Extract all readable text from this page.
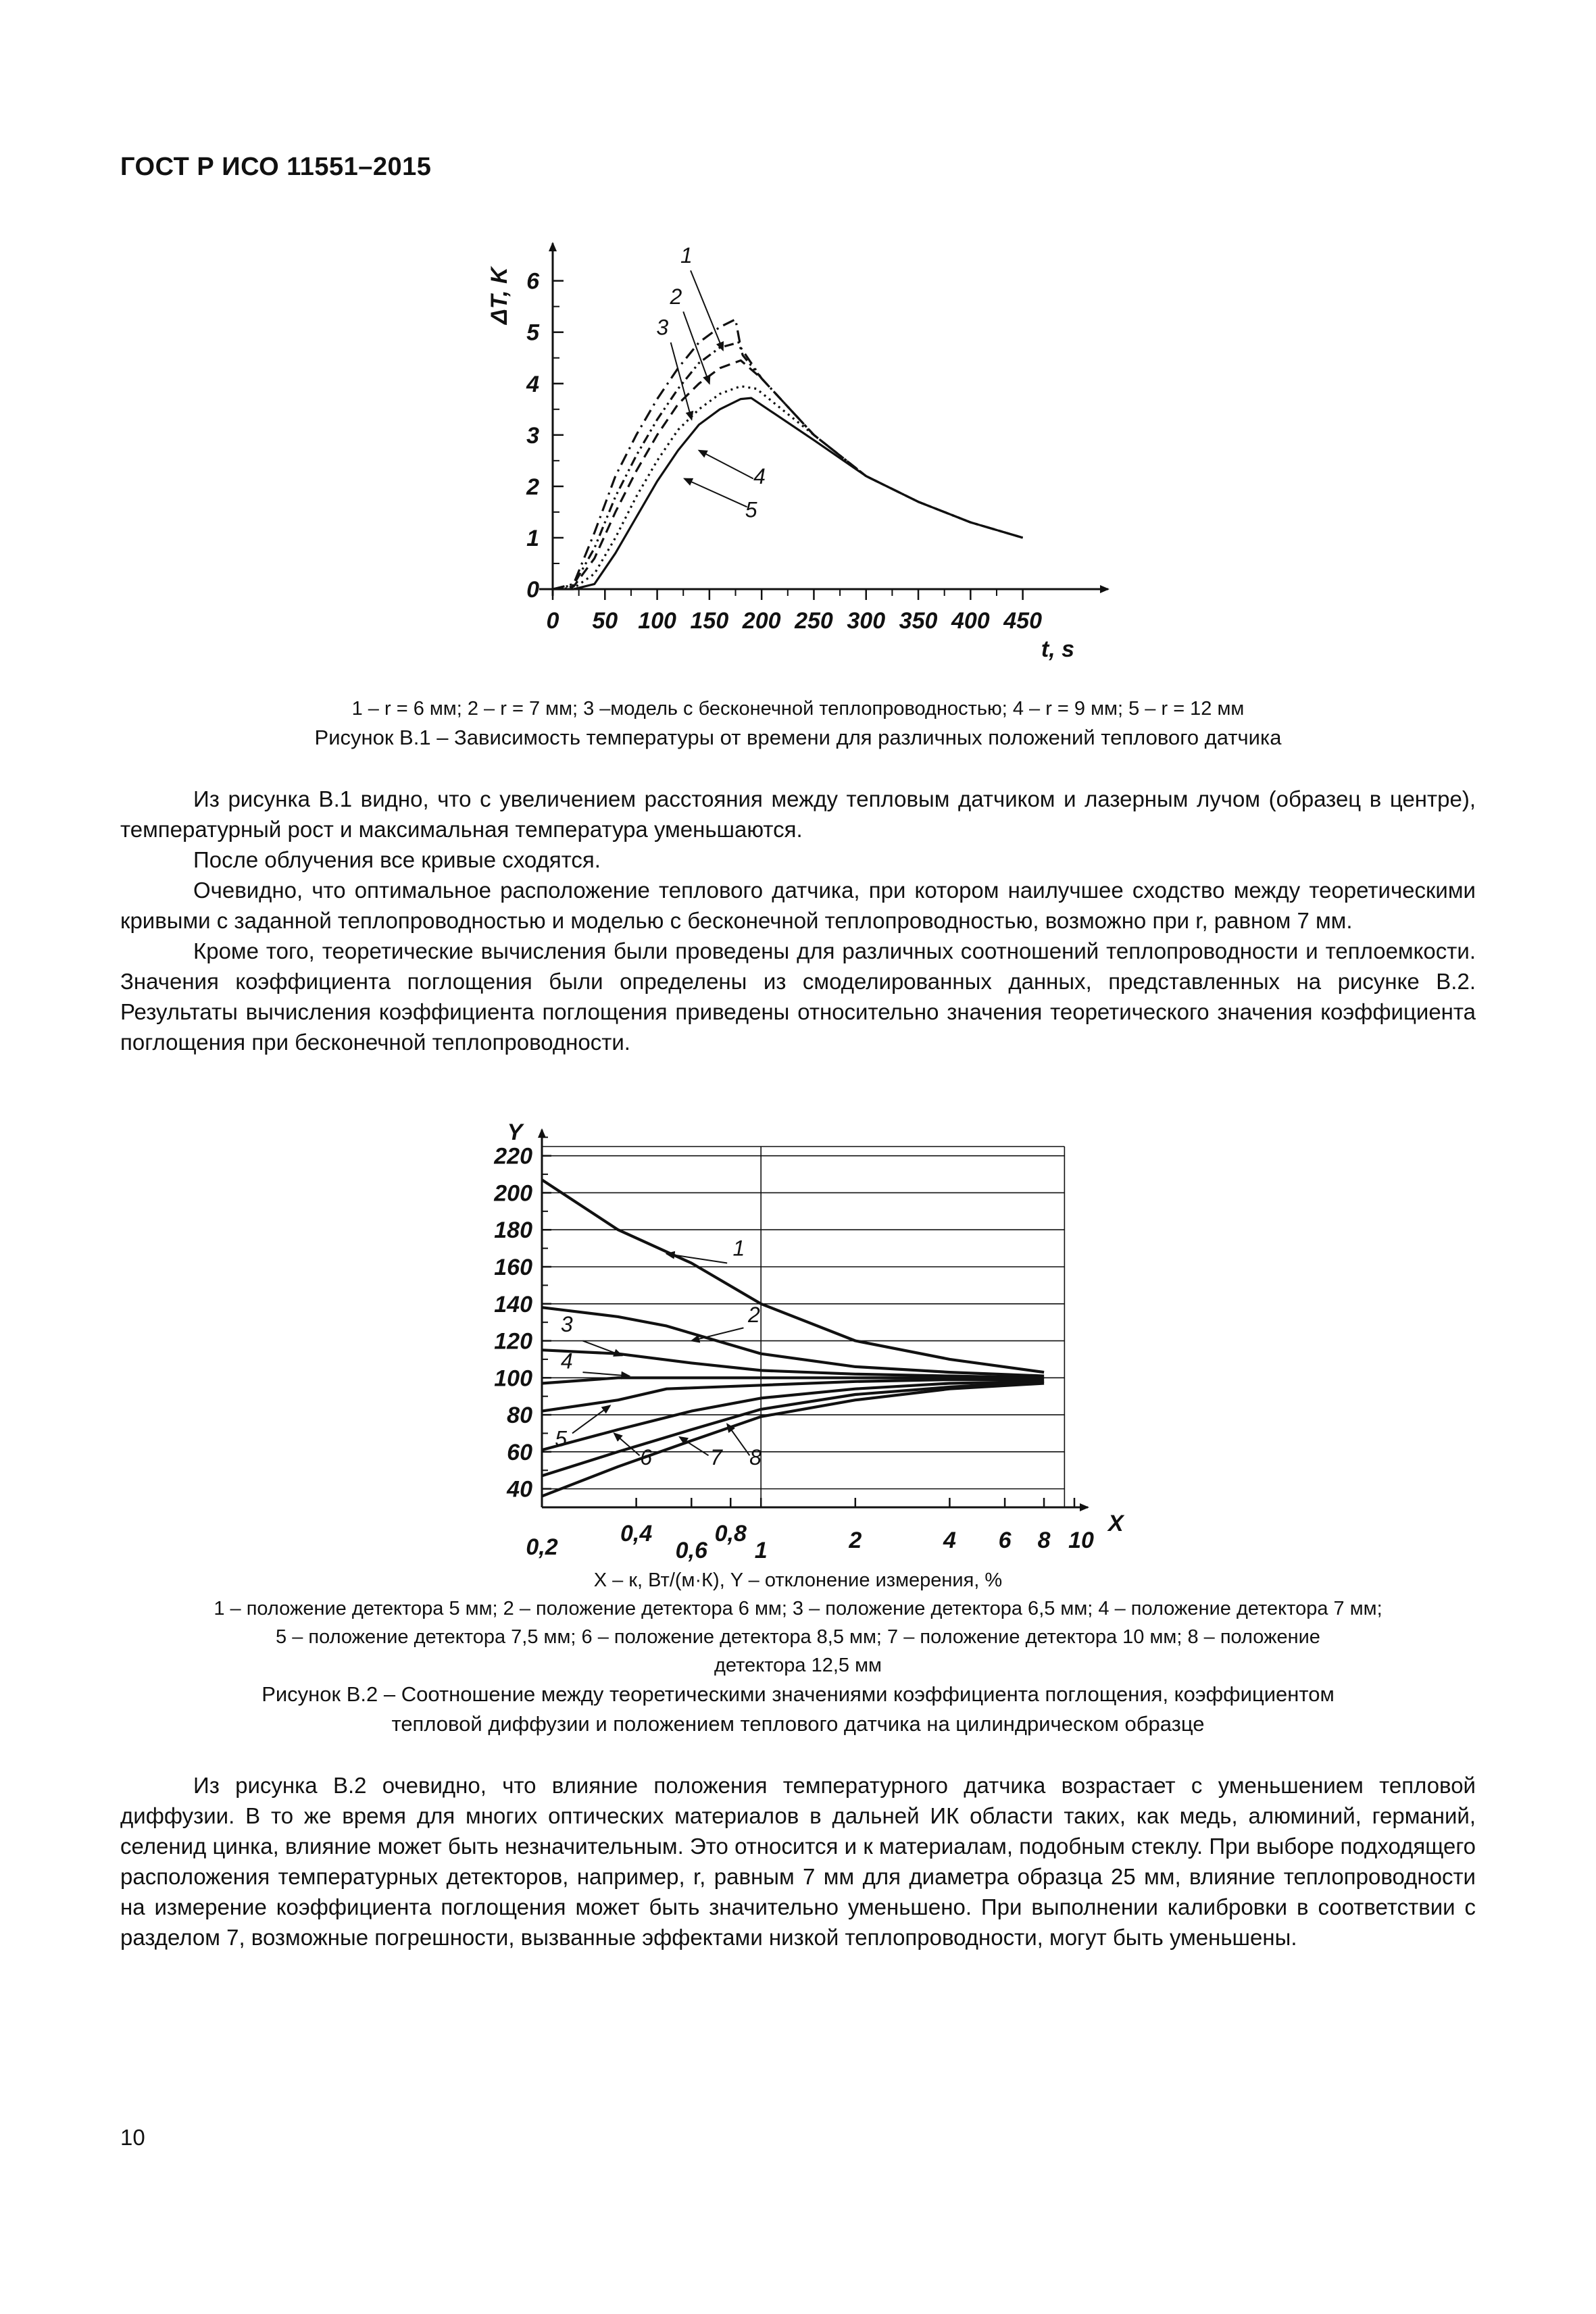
ГОСТ Р ИСО 11551–2015
0 50 100 150 200 250 300 350 400 450
0
1
2
3
4
5
6
t, s
ΔT, K
1
2
3
4
5
1 – r = 6 мм; 2 – r = 7 мм; 3 –модель с бесконечной теплопроводностью; 4 – r = 9 мм; 5 – r = 12 мм
Рисунок В.1 – Зависимость температуры от времени для различных положений теплового датчика

Из рисунка В.1 видно, что с увеличением расстояния между тепловым датчиком и лазерным лучом (образец в центре), температурный рост и максимальная температура уменьшаются.

После облучения все кривые сходятся.

Очевидно, что оптимальное расположение теплового датчика, при котором наилучшее сходство между теоретическими кривыми с заданной теплопроводностью и моделью с бесконечной теплопроводностью, возможно при r, равном 7 мм.

Кроме того, теоретические вычисления были проведены для различных соотношений теплопроводности и теплоемкости. Значения коэффициента поглощения были определены из смоделированных данных, представленных на рисунке В.2. Результаты вычисления коэффициента поглощения приведены относительно значения теоретического значения коэффициента поглощения при бесконечной теплопроводности.

0,2
0,4
0,6
0,8
1	2	4 6 8 10
40
60
80
100
120
140
160
180
200
220
X
Y
1
2
3
4
5
6	7 8
X – к, Вт/(м·К), Y – отклонение измерения, %
1 – положение детектора 5 мм; 2 – положение детектора 6 мм; 3 – положение детектора 6,5 мм; 4 – положение детектора 7 мм;
5 – положение детектора 7,5 мм; 6 – положение детектора 8,5 мм; 7 – положение детектора 10 мм; 8 – положение
детектора 12,5 мм
Рисунок В.2 – Соотношение между теоретическими значениями коэффициента поглощения, коэффициентом
тепловой диффузии и положением теплового датчика на цилиндрическом образце

Из рисунка В.2 очевидно, что влияние положения температурного датчика возрастает с уменьшением тепловой диффузии. В то же время для многих оптических материалов в дальней ИК области таких, как медь, алюминий, германий, селенид цинка, влияние может быть незначительным. Это относится и к материалам, подобным стеклу. При выборе подходящего расположения температурных детекторов, например, r, равным 7 мм для диаметра образца 25 мм, влияние теплопроводности на измерение коэффициента поглощения может быть значительно уменьшено. При выполнении калибровки в соответствии с разделом 7, возможные погрешности, вызванные эффектами низкой теплопроводности, могут быть уменьшены.

10
